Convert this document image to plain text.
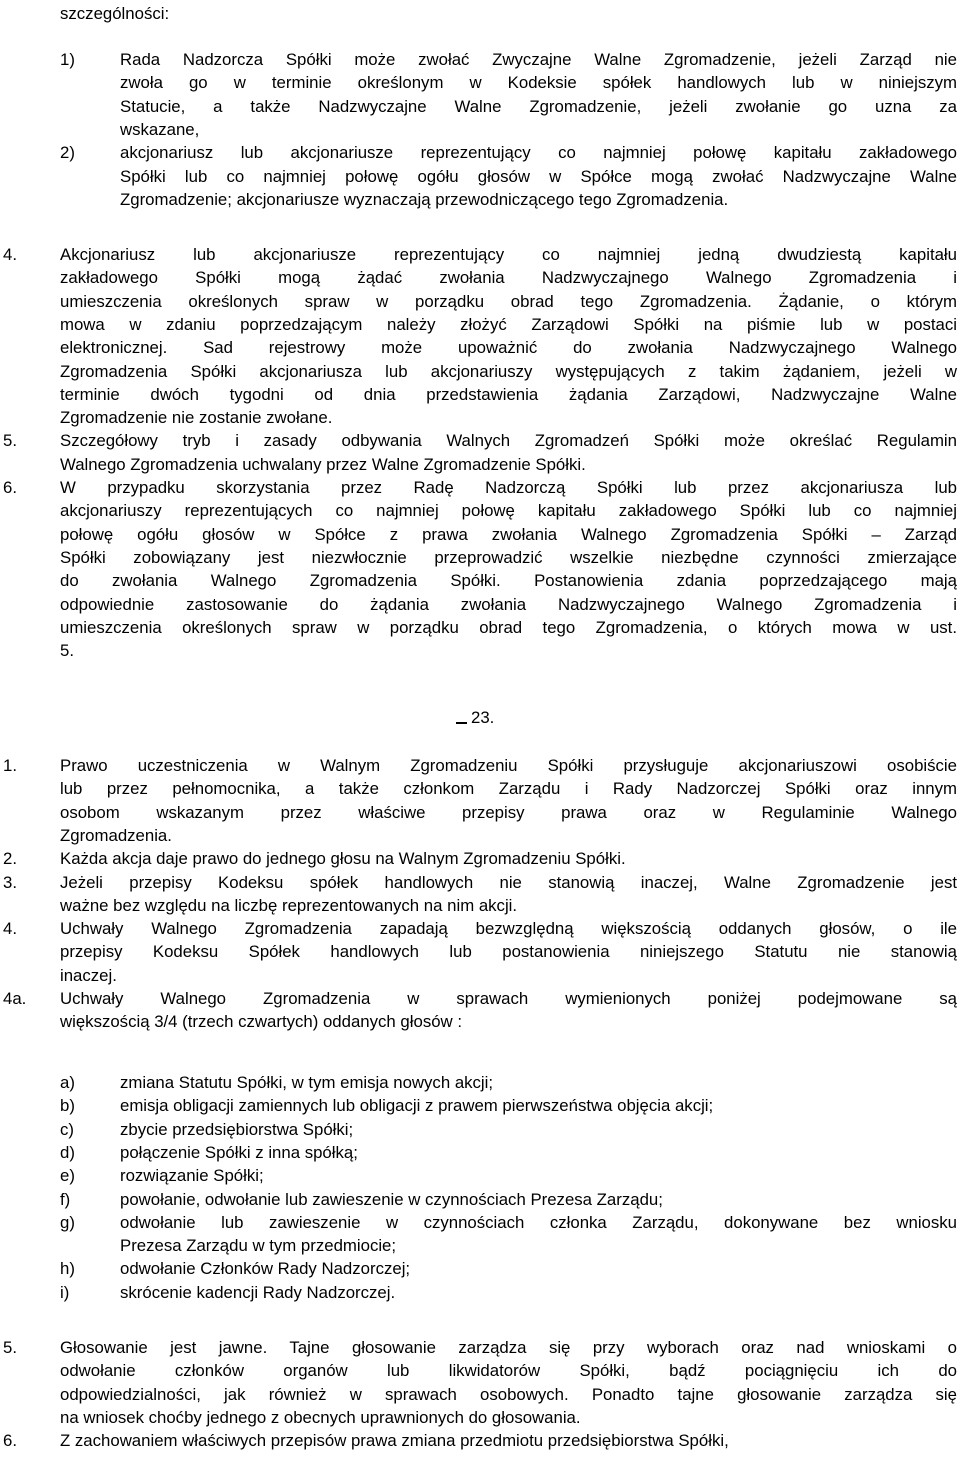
szczególności:
1)	Rada Nadzorcza Spółki może zwołać Zwyczajne Walne Zgromadzenie, jeżeli Zarząd nie
zwoła go w terminie określonym w Kodeksie spółek handlowych lub w niniejszym
Statucie, a także Nadzwyczajne Walne Zgromadzenie, jeżeli zwołanie go uzna za
wskazane,
2)	akcjonariusz lub akcjonariusze reprezentujący co najmniej połowę kapitału zakładowego
Spółki lub co najmniej połowę ogółu głosów w Spółce mogą zwołać Nadzwyczajne Walne
Zgromadzenie; akcjonariusze wyznaczają przewodniczącego tego Zgromadzenia.
4.	Akcjonariusz lub akcjonariusze reprezentujący co najmniej jedną dwudziestą kapitału
zakładowego Spółki mogą żądać zwołania Nadzwyczajnego Walnego Zgromadzenia i
umieszczenia określonych spraw w porządku obrad tego Zgromadzenia. Żądanie, o którym
mowa w zdaniu poprzedzającym należy złożyć Zarządowi Spółki na piśmie lub w postaci
elektronicznej. Sad rejestrowy może upoważnić do zwołania Nadzwyczajnego Walnego
Zgromadzenia Spółki akcjonariusza lub akcjonariuszy występujących z takim żądaniem, jeżeli w
terminie dwóch tygodni od dnia przedstawienia żądania Zarządowi, Nadzwyczajne Walne
Zgromadzenie nie zostanie zwołane.
5.	Szczegółowy tryb i zasady odbywania Walnych Zgromadzeń Spółki może określać Regulamin
Walnego Zgromadzenia uchwalany przez Walne Zgromadzenie Spółki.
6.	W przypadku skorzystania przez Radę Nadzorczą Spółki lub przez akcjonariusza lub
akcjonariuszy reprezentujących co najmniej połowę kapitału zakładowego Spółki lub co najmniej
połowę ogółu głosów w Spółce z prawa zwołania Walnego Zgromadzenia Spółki – Zarząd
Spółki zobowiązany jest niezwłocznie przeprowadzić wszelkie niezbędne czynności zmierzające
do zwołania Walnego Zgromadzenia Spółki. Postanowienia zdania poprzedzającego mają
odpowiednie zastosowanie do żądania zwołania Nadzwyczajnego Walnego Zgromadzenia i
umieszczenia określonych spraw w porządku obrad tego Zgromadzenia, o których mowa w ust.
5.
23.
1.	Prawo uczestniczenia w Walnym Zgromadzeniu Spółki przysługuje akcjonariuszowi osobiście
lub przez pełnomocnika, a także członkom Zarządu i Rady Nadzorczej Spółki oraz innym
osobom wskazanym przez właściwe przepisy prawa oraz w Regulaminie Walnego
Zgromadzenia.
2.	Każda akcja daje prawo do jednego głosu na Walnym Zgromadzeniu Spółki.
3.	Jeżeli przepisy Kodeksu spółek handlowych nie stanowią inaczej, Walne Zgromadzenie jest
ważne bez względu na liczbę reprezentowanych na nim akcji.
4.	Uchwały Walnego Zgromadzenia zapadają bezwzględną większością oddanych głosów, o ile
przepisy Kodeksu Spółek handlowych lub postanowienia niniejszego Statutu nie stanowią
inaczej.
4a. Uchwały Walnego Zgromadzenia w sprawach wymienionych poniżej podejmowane są
większością 3/4 (trzech czwartych) oddanych głosów :
a)	zmiana Statutu Spółki, w tym emisja nowych akcji;
b)	emisja obligacji zamiennych lub obligacji z prawem pierwszeństwa objęcia akcji;
c)	zbycie przedsiębiorstwa Spółki;
d)	połączenie Spółki z inna spółką;
e)	rozwiązanie Spółki;
f)	powołanie, odwołanie lub zawieszenie w czynnościach Prezesa Zarządu;
g)	odwołanie lub zawieszenie w czynnościach członka Zarządu, dokonywane bez wniosku
Prezesa Zarządu w tym przedmiocie;
h)	odwołanie Członków Rady Nadzorczej;
i)	skrócenie kadencji Rady Nadzorczej.
5.	Głosowanie jest jawne. Tajne głosowanie zarządza się przy wyborach oraz nad wnioskami o
odwołanie członków organów lub likwidatorów Spółki, bądź pociągnięciu ich do
odpowiedzialności, jak również w sprawach osobowych. Ponadto tajne głosowanie zarządza się
na wniosek choćby jednego z obecnych uprawnionych do głosowania.
6.	Z zachowaniem właściwych przepisów prawa zmiana przedmiotu przedsiębiorstwa Spółki,
